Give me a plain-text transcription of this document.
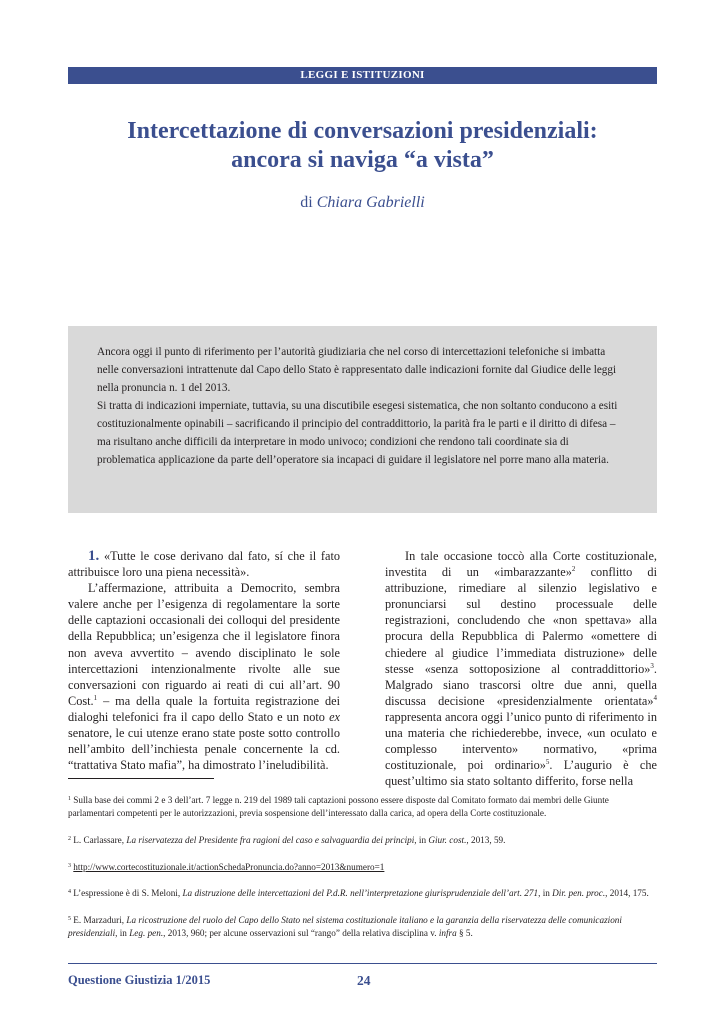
LEGGI E ISTITUZIONI
Intercettazione di conversazioni presidenziali:
ancora si naviga “a vista”
di Chiara Gabrielli

Ancora oggi il punto di riferimento per l’autorità giudiziaria che nel corso di intercettazioni telefoniche si imbatta nelle conversazioni intrattenute dal Capo dello Stato è rappresentato dalle indicazioni fornite dal Giudice delle leggi nella pronuncia n. 1 del 2013.

Si tratta di indicazioni imperniate, tuttavia, su una discutibile esegesi sistematica, che non soltanto conducono a esiti costituzionalmente opinabili – sacrificando il principio del contraddittorio, la parità fra le parti e il diritto di difesa – ma risultano anche difficili da interpretare in modo univoco; condizioni che rendono tali coordinate sia di problematica applicazione da parte dell’operatore sia incapaci di guidare il legislatore nel porre mano alla materia.

1. «Tutte le cose derivano dal fato, sí che il fato attribuisce loro una piena necessità».

L’affermazione, attribuita a Democrito, sembra valere anche per l’esigenza di regolamentare la sorte delle captazioni occasionali dei colloqui del presidente della Repubblica; un’esigenza che il legislatore finora non aveva avvertito – avendo disciplinato le sole intercettazioni intenzionalmente rivolte alle sue conversazioni con riguardo ai reati di cui all’art. 90 Cost.$^1$ – ma della quale la fortuita registrazione dei dialoghi telefonici fra il capo dello Stato e un noto ex senatore, le cui utenze erano state poste sotto controllo nell’ambito dell’inchiesta penale concernente la cd. “trattativa Stato mafia”, ha dimostrato l’ineludibilità.

In tale occasione toccò alla Corte costituzionale, investita di un «imbarazzante»$^2$ conflitto di attribuzione, rimediare al silenzio legislativo e pronunciarsi sul destino processuale delle registrazioni, concludendo che «non spettava» alla procura della Repubblica di Palermo «omettere di chiedere al giudice l’immediata distruzione» delle stesse «senza sottoposizione al contraddittorio»$^3$. Malgrado siano trascorsi oltre due anni, quella discussa decisione «presidenzialmente orientata»$^4$ rappresenta ancora oggi l’unico punto di riferimento in una materia che richiederebbe, invece, «un oculato e complesso intervento» normativo, «prima costituzionale, poi ordinario»$^5$. L’augurio è che quest’ultimo sia stato soltanto differito, forse nella

$^1$ Sulla base dei commi 2 e 3 dell’art. 7 legge n. 219 del 1989 tali captazioni possono essere disposte dal Comitato formato dai membri delle Giunte parlamentari competenti per le autorizzazioni, previa sospensione dell’interessato dalla carica, ad opera della Corte costituzionale.

$^2$ L. Carlassare, La riservatezza del Presidente fra ragioni del caso e salvaguardia dei principi, in Giur. cost., 2013, 59.

$^3$ http://www.cortecostituzionale.it/actionSchedaPronuncia.do?anno=2013&numero=1

$^4$ L’espressione è di S. Meloni, La distruzione delle intercettazioni del P.d.R. nell’interpretazione giurisprudenziale dell’art. 271, in Dir. pen. proc., 2014, 175.

$^5$ E. Marzaduri, La ricostruzione del ruolo del Capo dello Stato nel sistema costituzionale italiano e la garanzia della riservatezza delle comunicazioni presidenziali, in Leg. pen., 2013, 960; per alcune osservazioni sul “rango” della relativa disciplina v. infra § 5.

Questione Giustizia 1/2015	24
